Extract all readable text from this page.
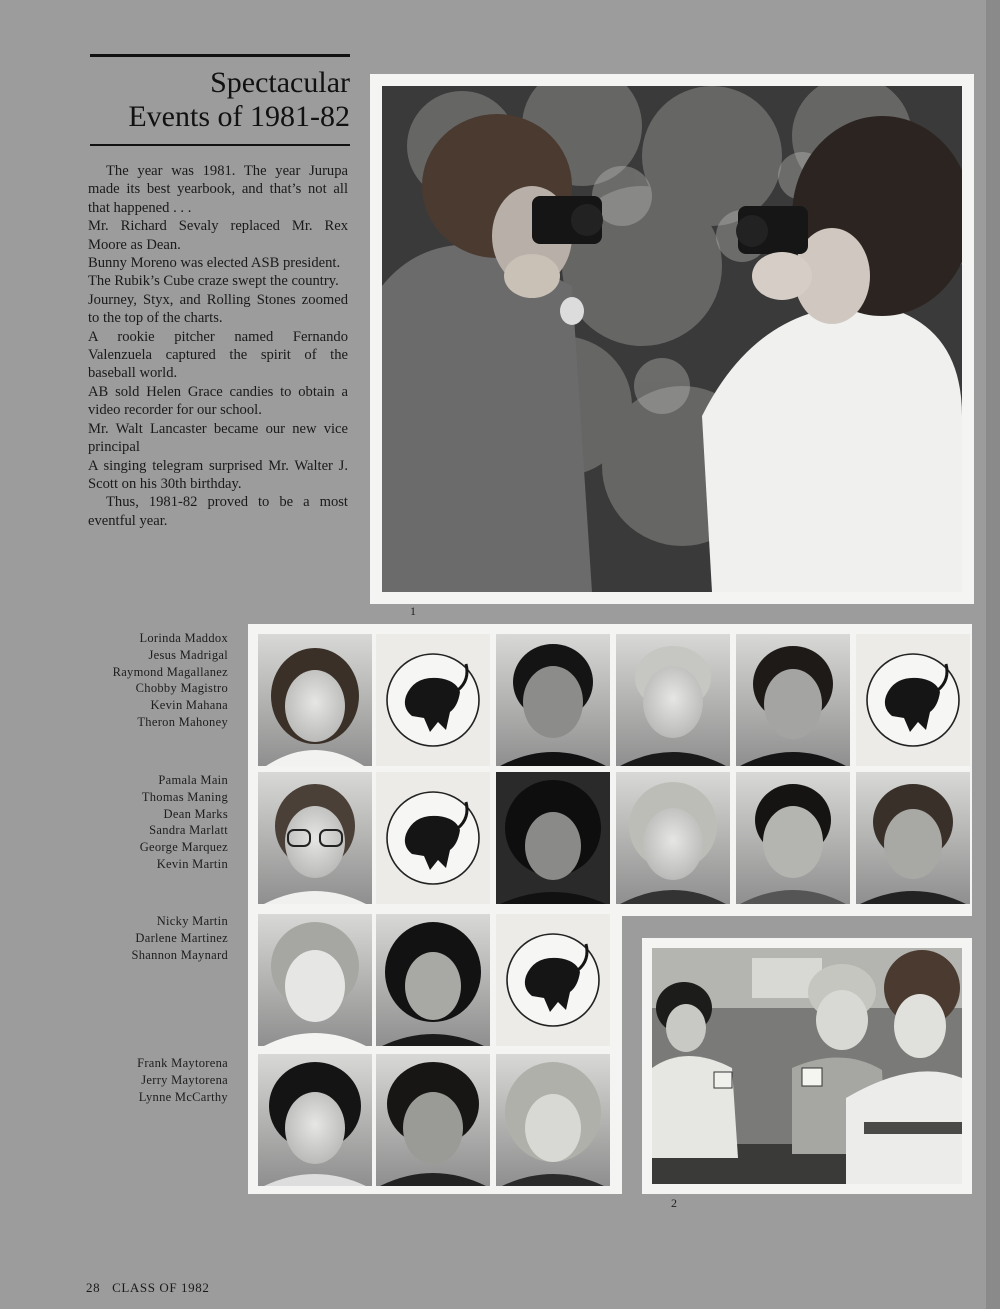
Spectacular
Events of 1981-82

The year was 1981. The year Jurupa made its best yearbook, and that’s not all that happened . . .

Mr. Richard Sevaly replaced Mr. Rex Moore as Dean.

Bunny Moreno was elected ASB president.

The Rubik’s Cube craze swept the country.

Journey, Styx, and Rolling Stones zoomed to the top of the charts.

A rookie pitcher named Fernando Valenzuela captured the spirit of the baseball world.

AB sold Helen Grace candies to obtain a video recorder for our school.

Mr. Walt Lancaster became our new vice principal

A singing telegram surprised Mr. Walter J. Scott on his 30th birthday.

Thus, 1981-82 proved to be a most eventful year.

1
2
Lorinda Maddox
Jesus Madrigal
Raymond Magallanez
Chobby Magistro
Kevin Mahana
Theron Mahoney
Pamala Main
Thomas Maning
Dean Marks
Sandra Marlatt
George Marquez
Kevin Martin
Nicky Martin
Darlene Martinez
Shannon Maynard
Frank Maytorena
Jerry Maytorena
Lynne McCarthy
28 CLASS OF 1982
